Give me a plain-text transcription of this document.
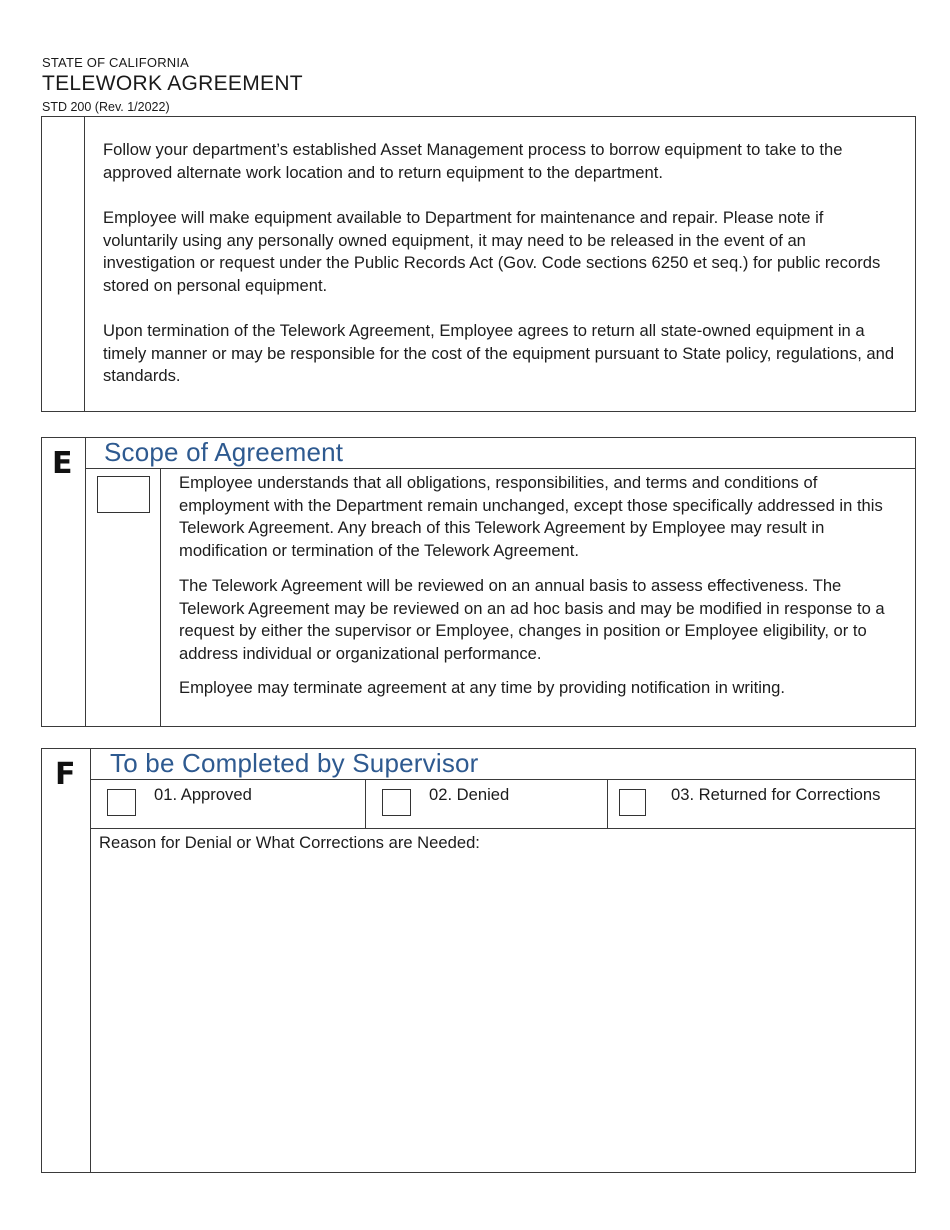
STATE OF CALIFORNIA
TELEWORK AGREEMENT
STD 200 (Rev. 1/2022)
Follow your department’s established Asset Management process to borrow equipment to take to the approved alternate work location and to return equipment to the department.
Employee will make equipment available to Department for maintenance and repair. Please note if voluntarily using any personally owned equipment, it may need to be released in the event of an investigation or request under the Public Records Act (Gov. Code sections 6250 et seq.) for public records stored on personal equipment.
Upon termination of the Telework Agreement, Employee agrees to return all state-owned equipment in a timely manner or may be responsible for the cost of the equipment pursuant to State policy, regulations, and standards.
E Scope of Agreement
Employee understands that all obligations, responsibilities, and terms and conditions of employment with the Department remain unchanged, except those specifically addressed in this Telework Agreement. Any breach of this Telework Agreement by Employee may result in modification or termination of the Telework Agreement.
The Telework Agreement will be reviewed on an annual basis to assess effectiveness. The Telework Agreement may be reviewed on an ad hoc basis and may be modified in response to a request by either the supervisor or Employee, changes in position or Employee eligibility, or to address individual or organizational performance.
Employee may terminate agreement at any time by providing notification in writing.
F To be Completed by Supervisor
01. Approved	02. Denied	03. Returned for Corrections
Reason for Denial or What Corrections are Needed:
